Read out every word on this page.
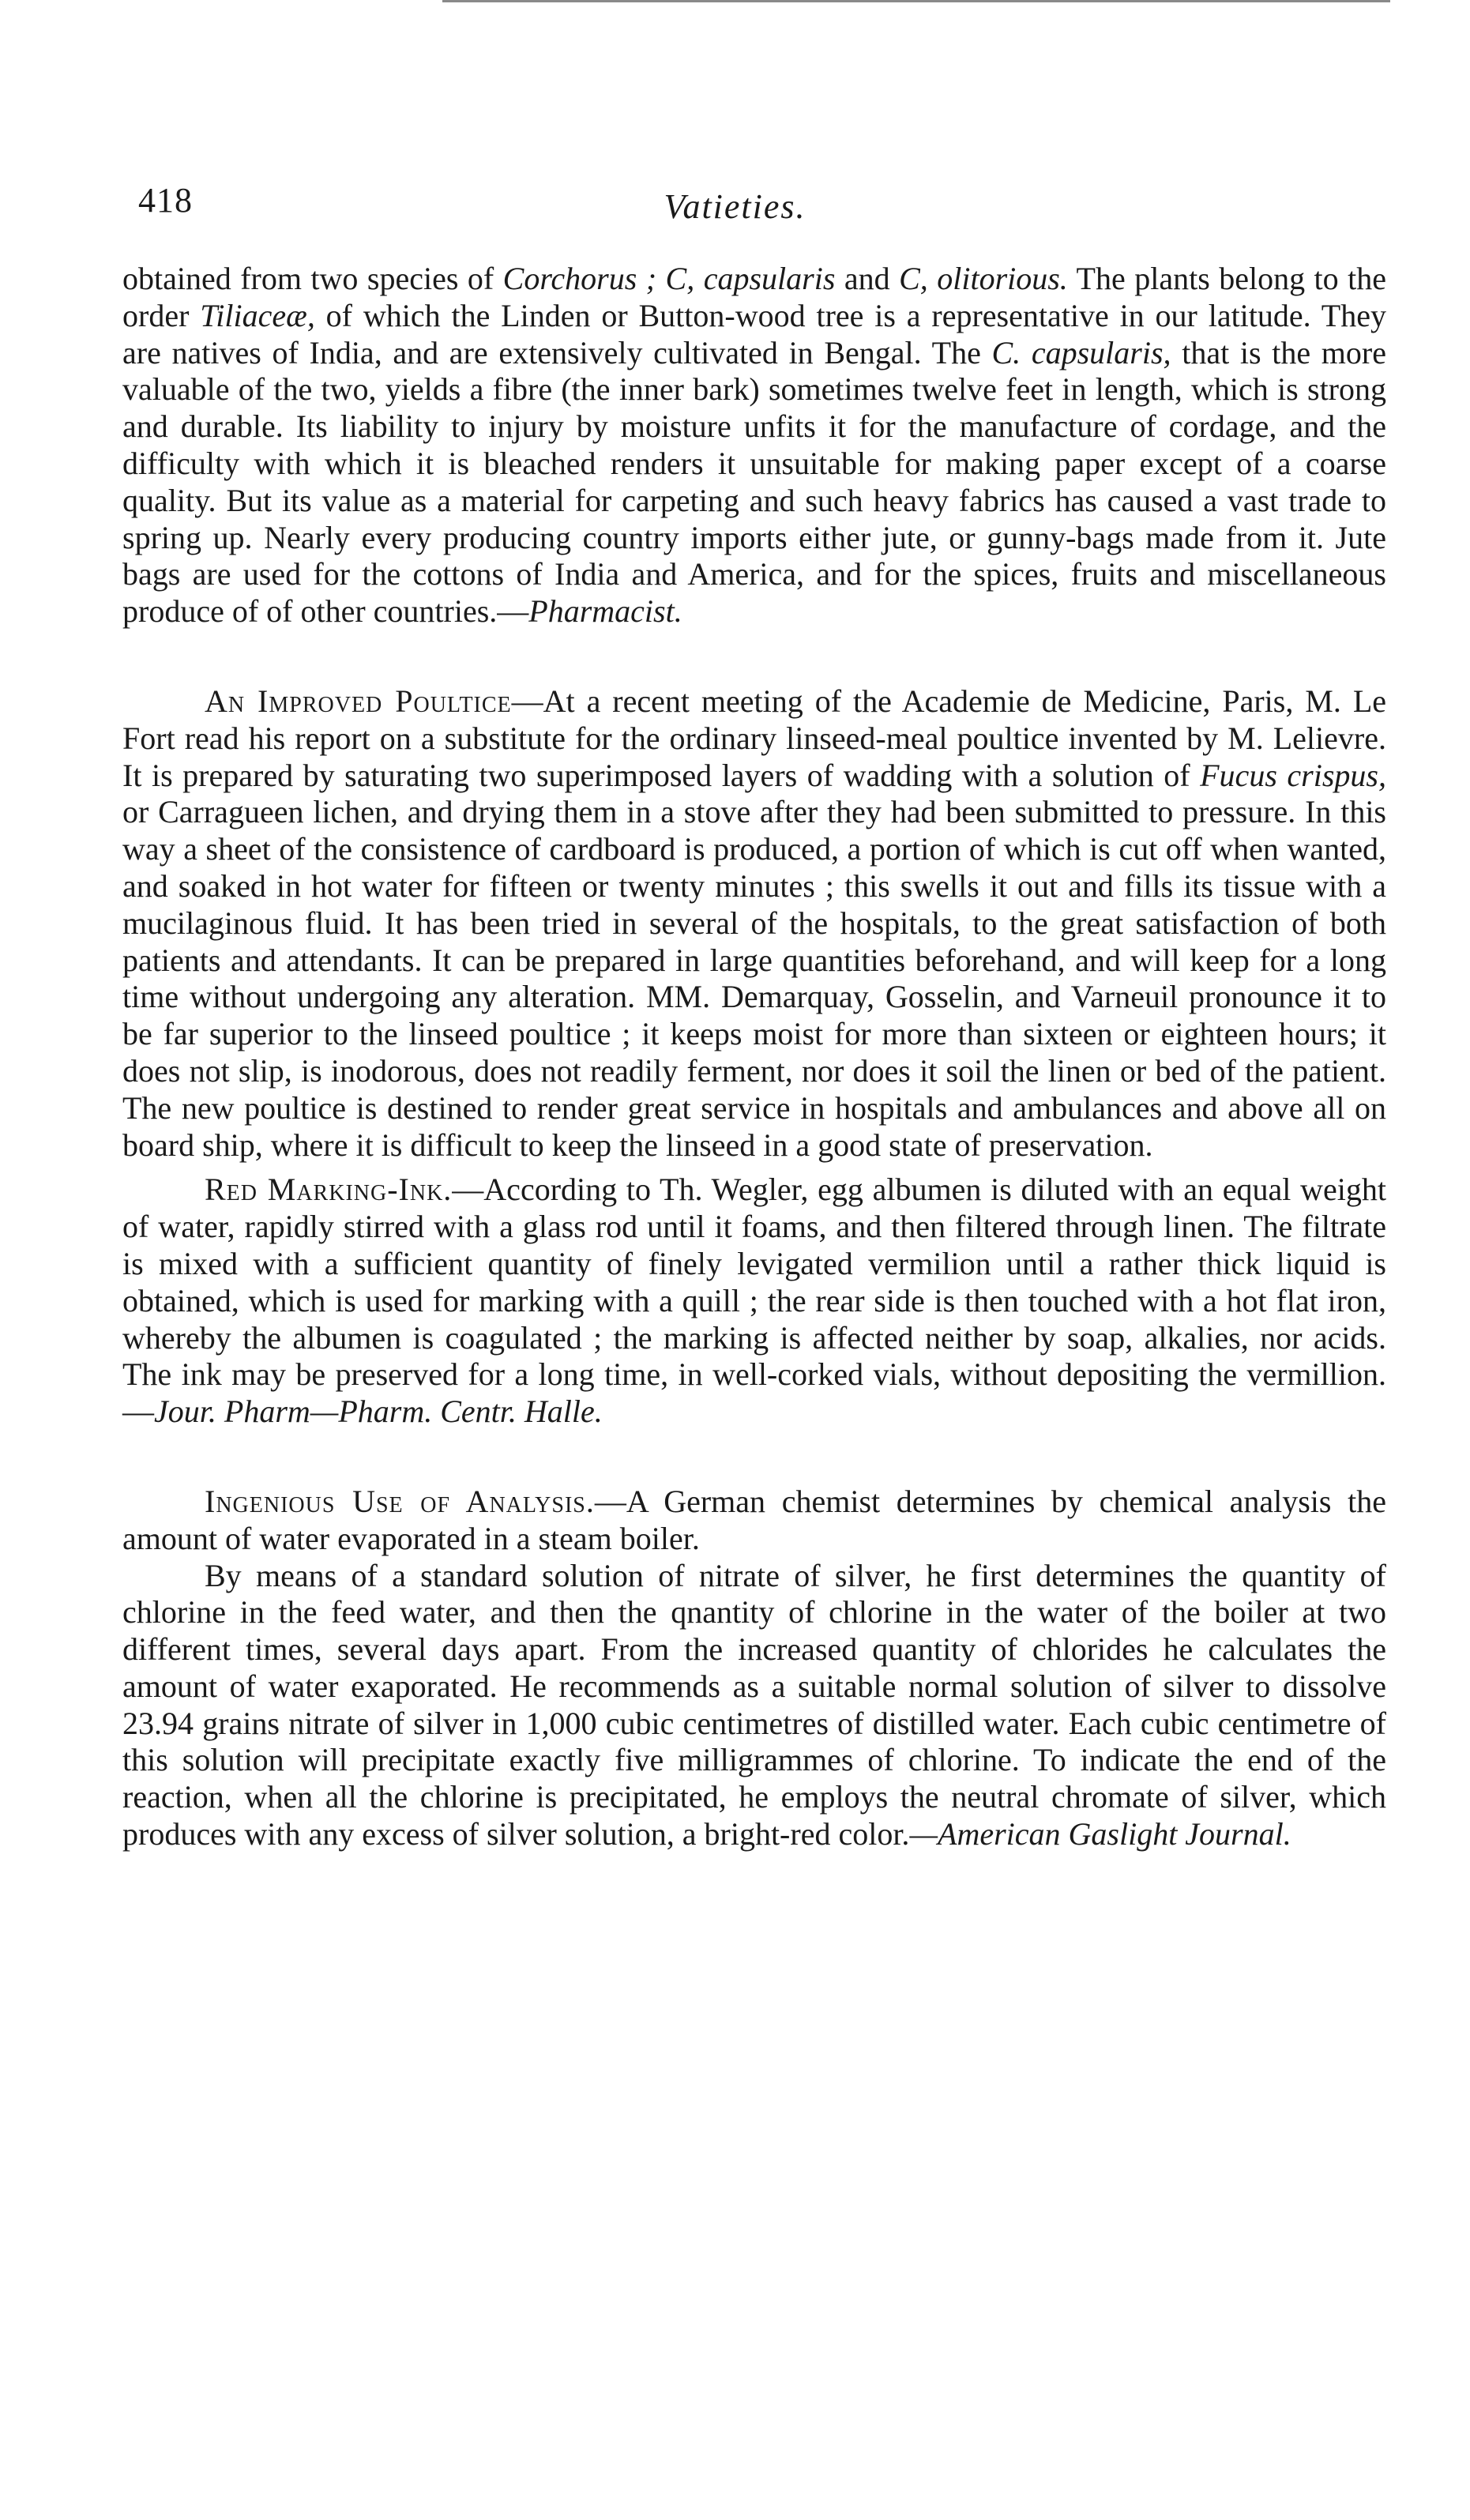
418	Vatieties.

obtained from two species of Corchorus ; C, capsularis and C, olitorious. The plants belong to the order Tiliaceæ, of which the Linden or Button-wood tree is a representative in our latitude. They are natives of India, and are extensively cultivated in Bengal. The C. capsularis, that is the more valuable of the two, yields a fibre (the inner bark) sometimes twelve feet in length, which is strong and durable. Its liability to injury by moisture unfits it for the manufacture of cordage, and the difficulty with which it is bleached renders it unsuitable for making paper except of a coarse quality. But its value as a material for carpeting and such heavy fabrics has caused a vast trade to spring up. Nearly every producing country imports either jute, or gunny-bags made from it. Jute bags are used for the cottons of India and America, and for the spices, fruits and miscellaneous produce of of other countries.—Pharmacist.

An Improved Poultice—At a recent meeting of the Academie de Medicine, Paris, M. Le Fort read his report on a substitute for the ordinary linseed-meal poultice invented by M. Lelievre. It is prepared by saturating two superimposed layers of wadding with a solution of Fucus crispus, or Carragueen lichen, and drying them in a stove after they had been submitted to pressure. In this way a sheet of the consistence of cardboard is produced, a portion of which is cut off when wanted, and soaked in hot water for fifteen or twenty minutes ; this swells it out and fills its tissue with a mucilaginous fluid. It has been tried in several of the hospitals, to the great satisfaction of both patients and attendants. It can be prepared in large quantities beforehand, and will keep for a long time without undergoing any alteration. MM. Demarquay, Gosselin, and Varneuil pronounce it to be far superior to the linseed poultice ; it keeps moist for more than sixteen or eighteen hours; it does not slip, is inodorous, does not readily ferment, nor does it soil the linen or bed of the patient. The new poultice is destined to render great service in hospitals and ambulances and above all on board ship, where it is difficult to keep the linseed in a good state of preservation.

Red Marking-Ink.—According to Th. Wegler, egg albumen is diluted with an equal weight of water, rapidly stirred with a glass rod until it foams, and then filtered through linen. The filtrate is mixed with a sufficient quantity of finely levigated vermilion until a rather thick liquid is obtained, which is used for marking with a quill ; the rear side is then touched with a hot flat iron, whereby the albumen is coagulated ; the marking is affected neither by soap, alkalies, nor acids. The ink may be preserved for a long time, in well-corked vials, without depositing the vermillion.—Jour. Pharm—Pharm. Centr. Halle.

Ingenious Use of Analysis.—A German chemist determines by chemical analysis the amount of water evaporated in a steam boiler.

By means of a standard solution of nitrate of silver, he first determines the quantity of chlorine in the feed water, and then the qnantity of chlorine in the water of the boiler at two different times, several days apart. From the increased quantity of chlorides he calculates the amount of water exaporated. He recommends as a suitable normal solution of silver to dissolve 23.94 grains nitrate of silver in 1,000 cubic centimetres of distilled water. Each cubic centimetre of this solution will precipitate exactly five milligrammes of chlorine. To indicate the end of the reaction, when all the chlorine is precipitated, he employs the neutral chromate of silver, which produces with any excess of silver solution, a bright-red color.—American Gaslight Journal.
